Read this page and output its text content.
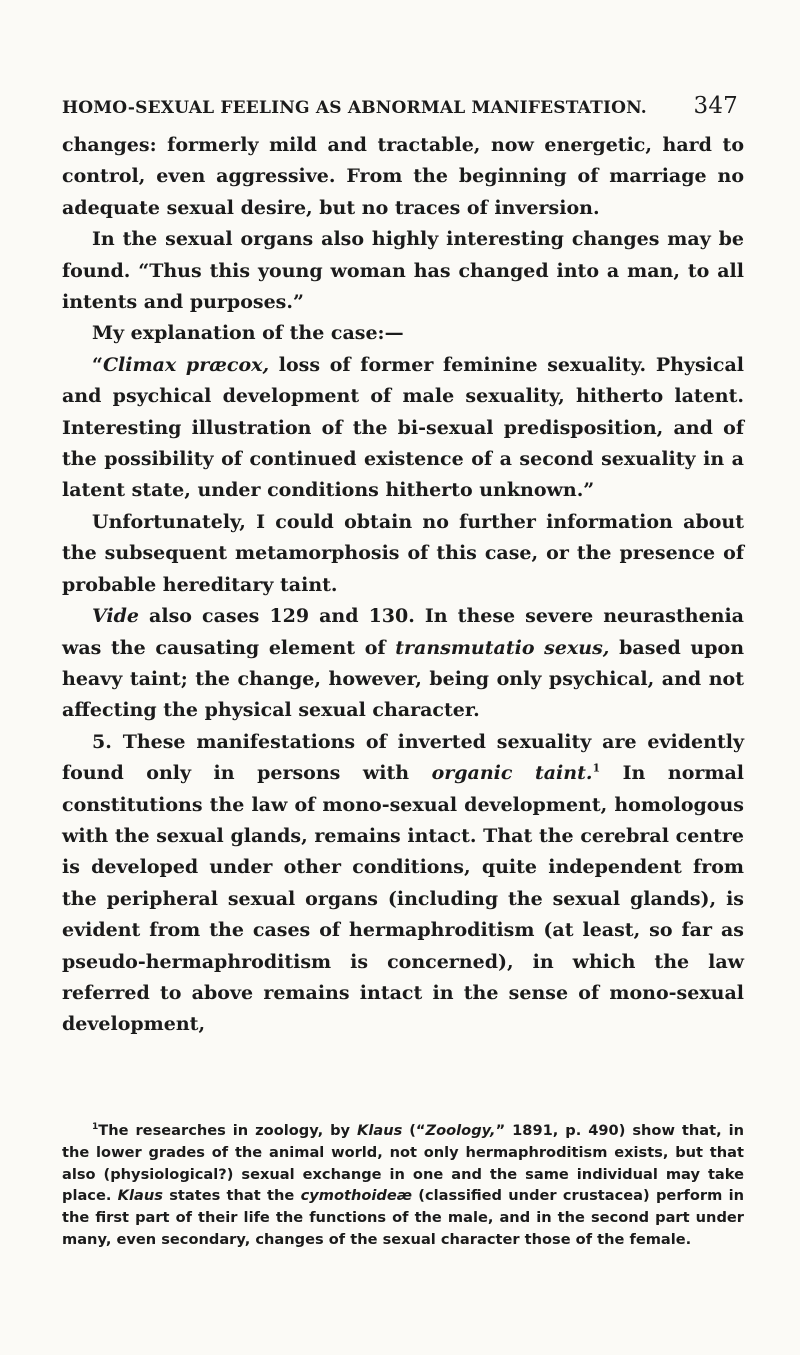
HOMO-SEXUAL FEELING AS ABNORMAL MANIFESTATION. 347

changes: formerly mild and tractable, now energetic, hard to control, even aggressive. From the beginning of marriage no adequate sexual desire, but no traces of inversion.

In the sexual organs also highly interesting changes may be found. “Thus this young woman has changed into a man, to all intents and purposes.”

My explanation of the case:—

“Climax præcox, loss of former feminine sexuality. Physical and psychical development of male sexuality, hitherto latent. Interesting illustration of the bi-sexual predisposition, and of the possibility of continued existence of a second sexuality in a latent state, under conditions hitherto unknown.”

Unfortunately, I could obtain no further information about the subsequent metamorphosis of this case, or the presence of probable hereditary taint.

Vide also cases 129 and 130. In these severe neurasthenia was the causating element of transmutatio sexus, based upon heavy taint; the change, however, being only psychical, and not affecting the physical sexual character.

5. These manifestations of inverted sexuality are evidently found only in persons with organic taint.$^1$ In normal constitutions the law of mono-sexual development, homologous with the sexual glands, remains intact. That the cerebral centre is developed under other conditions, quite independent from the peripheral sexual organs (including the sexual glands), is evident from the cases of hermaphroditism (at least, so far as pseudo-hermaphroditism is concerned), in which the law referred to above remains intact in the sense of mono-sexual development,

$^1$The researches in zoology, by Klaus (“Zoology,” 1891, p. 490) show that, in the lower grades of the animal world, not only hermaphroditism exists, but that also (physiological?) sexual exchange in one and the same individual may take place. Klaus states that the cymothoideæ (classified under crustacea) perform in the first part of their life the functions of the male, and in the second part under many, even secondary, changes of the sexual character those of the female.
